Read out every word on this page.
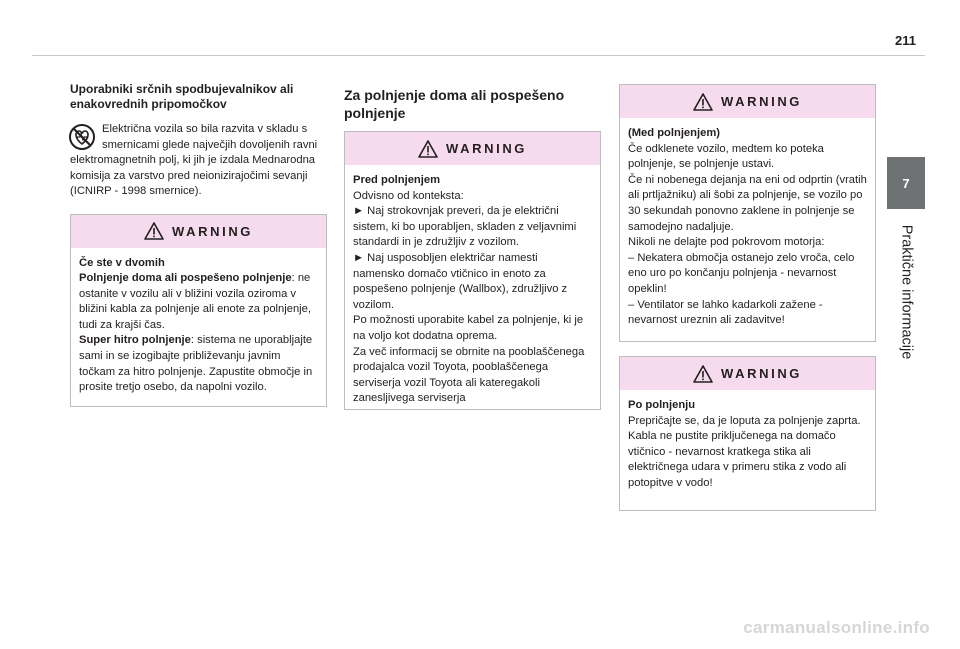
211
7
Praktične informacije

Uporabniki srčnih spodbujevalnikov ali enakovrednih pripomočkov

Električna vozila so bila razvita v skladu s smernicami glede največjih dovoljenih ravni elektromagnetnih polj, ki jih je izdala Mednarodna komisija za varstvo pred neionizirajočimi sevanji (ICNIRP - 1998 smernice).
WARNING

Če ste v dvomih

Polnjenje doma ali pospešeno polnjenje: ne ostanite v vozilu ali v bližini vozila oziroma v bližini kabla za polnjenje ali enote za polnjenje, tudi za krajši čas.

Super hitro polnjenje: sistema ne uporabljajte sami in se izogibajte približevanju javnim točkam za hitro polnjenje. Zapustite območje in prosite tretjo osebo, da napolni vozilo.

Za polnjenje doma ali pospešeno polnjenje

WARNING

Pred polnjenjem

Odvisno od konteksta:

► Naj strokovnjak preveri, da je električni sistem, ki bo uporabljen, skladen z veljavnimi standardi in je združljiv z vozilom.

► Naj usposobljen električar namesti namensko domačo vtičnico in enoto za pospešeno polnjenje (Wallbox), združljivo z vozilom.

Po možnosti uporabite kabel za polnjenje, ki je na voljo kot dodatna oprema.

Za več informacij se obrnite na pooblaščenega prodajalca vozil Toyota, pooblaščenega serviserja vozil Toyota ali kateregakoli zanesljivega serviserja

WARNING

(Med polnjenjem)

Če odklenete vozilo, medtem ko poteka polnjenje, se polnjenje ustavi.

Če ni nobenega dejanja na eni od odprtin (vratih ali prtljažniku) ali šobi za polnjenje, se vozilo po 30 sekundah ponovno zaklene in polnjenje se samodejno nadaljuje.

Nikoli ne delajte pod pokrovom motorja:

– Nekatera območja ostanejo zelo vroča, celo eno uro po končanju polnjenja - nevarnost opeklin!

– Ventilator se lahko kadarkoli zažene - nevarnost ureznin ali zadavitve!

WARNING

Po polnjenju

Prepričajte se, da je loputa za polnjenje zaprta.

Kabla ne pustite priključenega na domačo vtičnico - nevarnost kratkega stika ali električnega udara v primeru stika z vodo ali potopitve v vodo!

carmanualsonline.info
